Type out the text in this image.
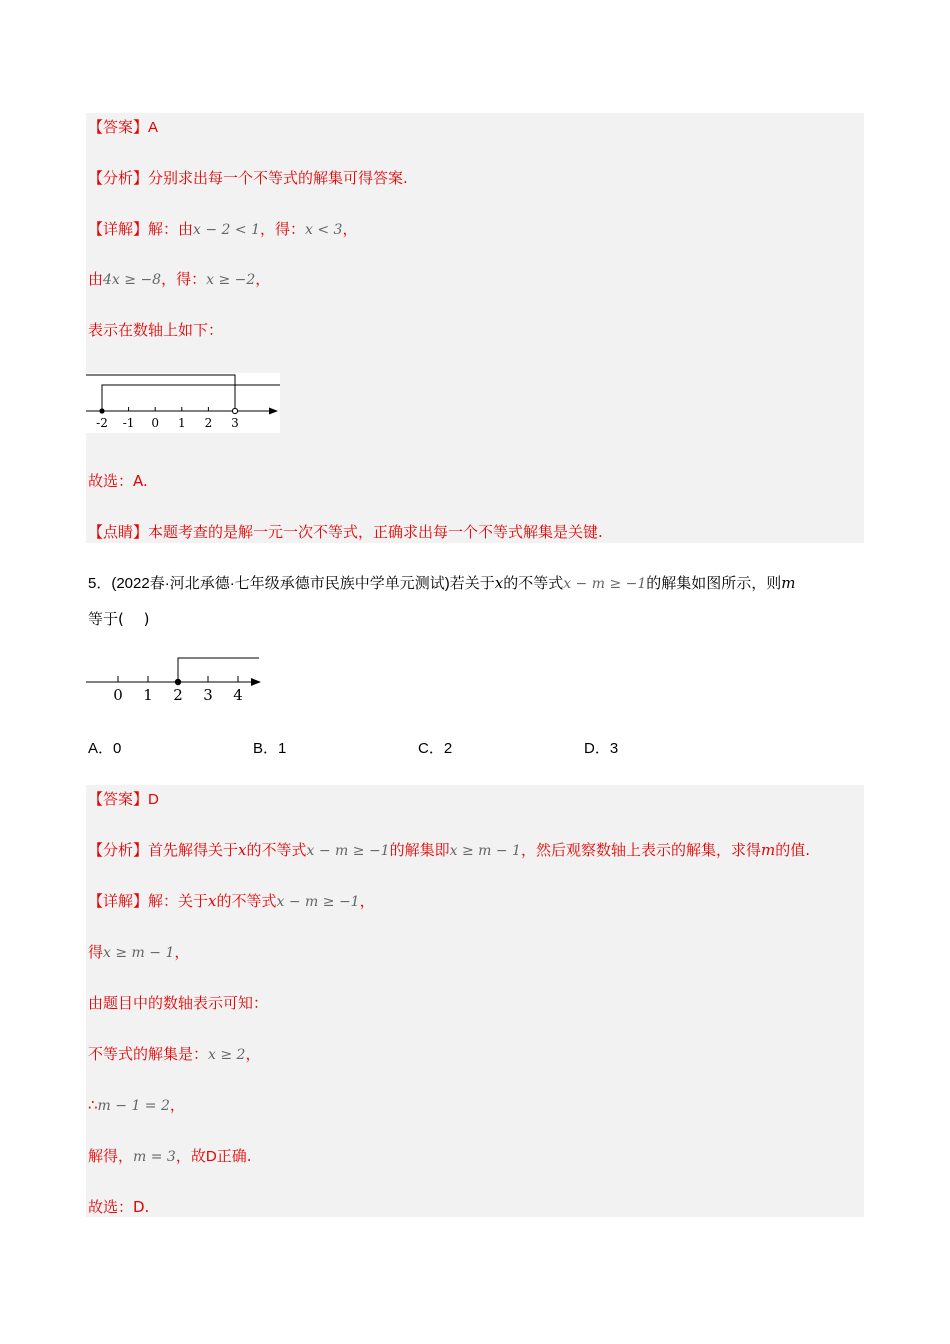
【答案】A
【分析】分别求出每一个不等式的解集可得答案.
【详解】解：由x − 2 < 1，得：x < 3，
由4x ≥ −8，得：x ≥ −2，
表示在数轴上如下：
-2 -1 0 1 2 3
故选：A.
【点睛】本题考查的是解一元一次不等式，正确求出每一个不等式解集是关键.
5．(2022春·河北承德·七年级承德市民族中学单元测试)若关于x的不等式x − m ≥ −1的解集如图所示，则m
等于(　 )
0 1 2 3 4
A．0	B．1	C．2	D．3
【答案】D
【分析】首先解得关于x的不等式x − m ≥ −1的解集即x ≥ m − 1，然后观察数轴上表示的解集，求得m的值.
【详解】解：关于x的不等式x − m ≥ −1，
得x ≥ m − 1，
由题目中的数轴表示可知：
不等式的解集是：x ≥ 2，
∴m − 1 = 2，
解得，m = 3，故D正确.
故选：D.
